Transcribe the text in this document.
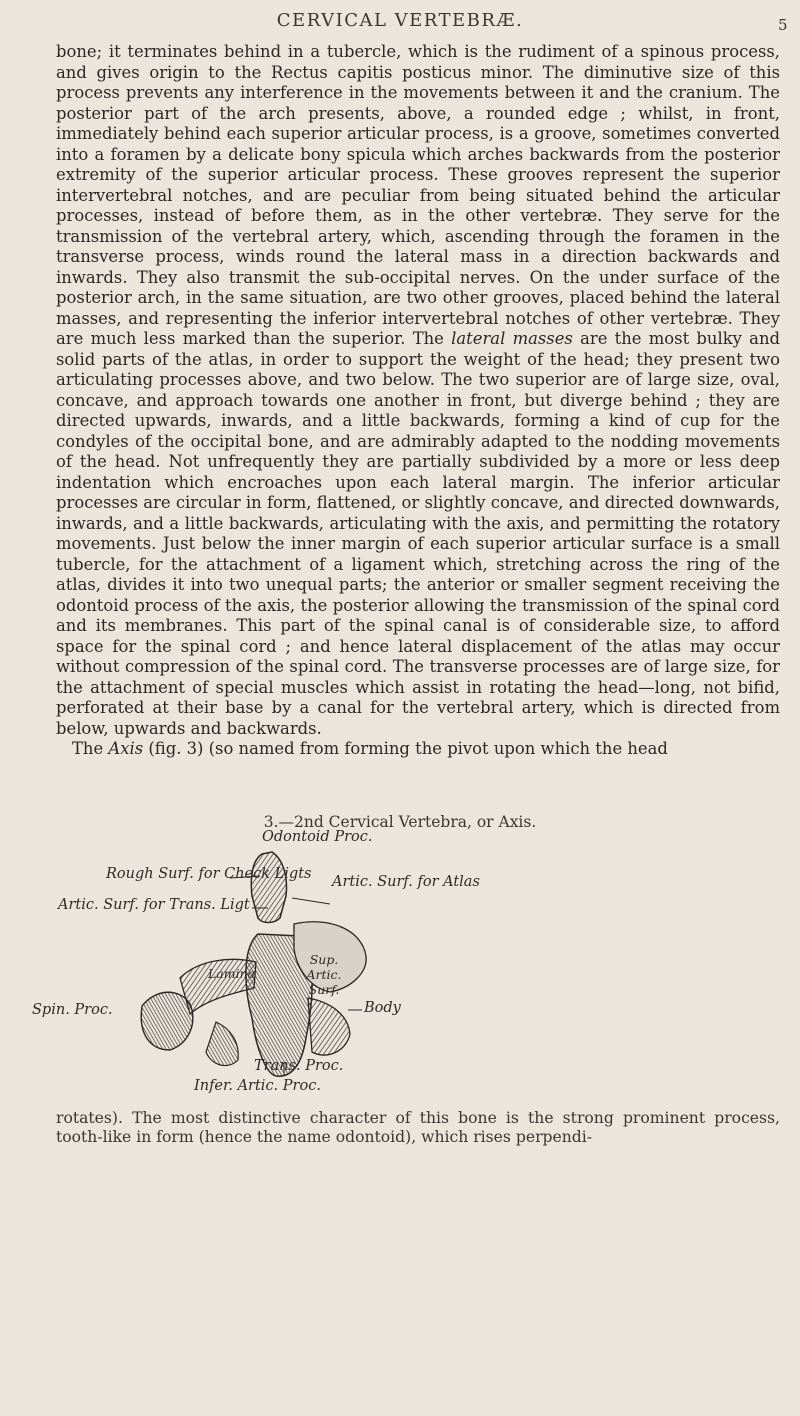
CERVICAL VERTEBRÆ.	5

bone; it terminates behind in a tubercle, which is the rudiment of a spinous process, and gives origin to the Rectus capitis posticus minor. The diminutive size of this process prevents any interference in the movements between it and the cranium. The posterior part of the arch presents, above, a rounded edge ; whilst, in front, immediately behind each superior articular process, is a groove, sometimes converted into a foramen by a delicate bony spicula which arches backwards from the posterior extremity of the superior articular process. These grooves represent the superior intervertebral notches, and are peculiar from being situated behind the articular processes, instead of before them, as in the other vertebræ. They serve for the transmission of the vertebral artery, which, ascending through the foramen in the transverse process, winds round the lateral mass in a direction backwards and inwards. They also transmit the sub-occipital nerves. On the under surface of the posterior arch, in the same situation, are two other grooves, placed behind the lateral masses, and representing the inferior intervertebral notches of other vertebræ. They are much less marked than the superior. The lateral masses are the most bulky and solid parts of the atlas, in order to support the weight of the head; they present two articulating processes above, and two below. The two superior are of large size, oval, concave, and approach towards one another in front, but diverge behind ; they are directed upwards, inwards, and a little backwards, forming a kind of cup for the condyles of the occipital bone, and are admirably adapted to the nodding movements of the head. Not unfrequently they are partially subdivided by a more or less deep indentation which encroaches upon each lateral margin. The inferior articular processes are circular in form, flattened, or slightly concave, and directed downwards, inwards, and a little backwards, articulating with the axis, and permitting the rotatory movements. Just below the inner margin of each superior articular surface is a small tubercle, for the attachment of a ligament which, stretching across the ring of the atlas, divides it into two unequal parts; the anterior or smaller segment receiving the odontoid process of the axis, the posterior allowing the transmission of the spinal cord and its membranes. This part of the spinal canal is of considerable size, to afford space for the spinal cord ; and hence lateral displacement of the atlas may occur without compression of the spinal cord. The transverse processes are of large size, for the attachment of special muscles which assist in rotating the head—long, not bifid, perforated at their base by a canal for the vertebral artery, which is directed from below, upwards and backwards.

The Axis (fig. 3) (so named from forming the pivot upon which the head

3.—2nd Cervical Vertebra, or Axis.
Odontoid Proc.
Rough Surf. for Check Ligts
Artic. Surf. for Trans. Ligt
Artic. Surf. for Atlas
Sup. Artic. Surf.
Lamina
Spin. Proc.	Body
Trans. Proc.
Infer. Artic. Proc.

rotates). The most distinctive character of this bone is the strong prominent process, tooth-like in form (hence the name odontoid), which rises perpendi-
